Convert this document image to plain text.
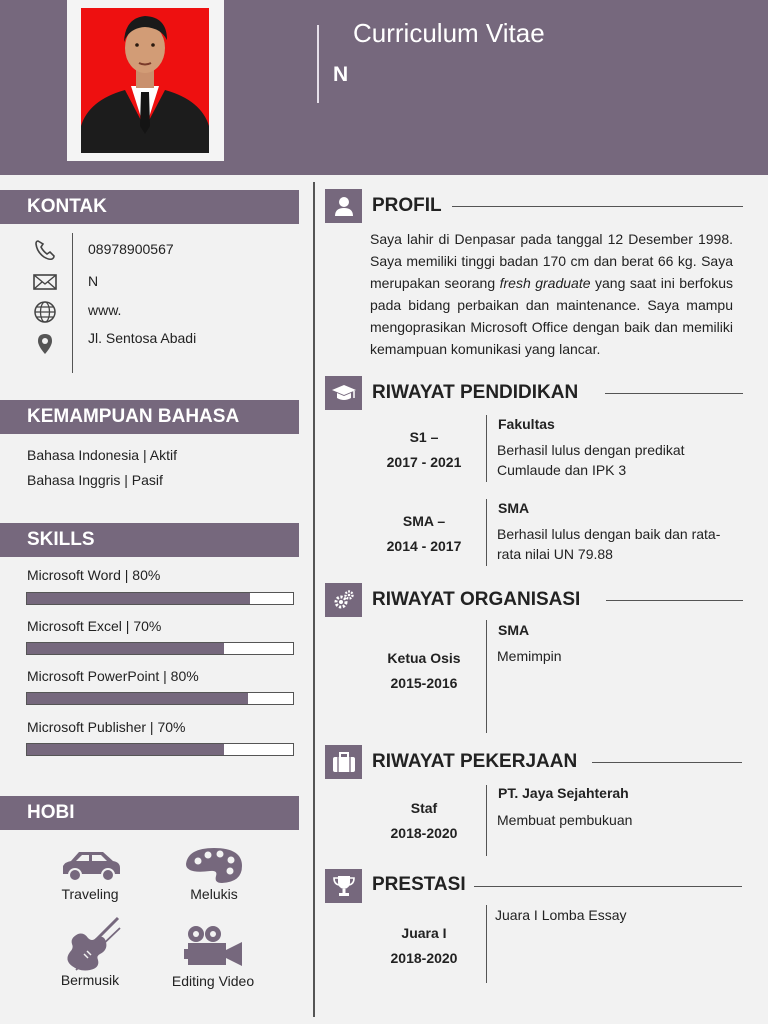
Curriculum Vitae
N
KONTAK
08978900567
N
www.
Jl. Sentosa Abadi
KEMAMPUAN BAHASA
Bahasa Indonesia | Aktif
Bahasa Inggris | Pasif
SKILLS
Microsoft Word | 80%
Microsoft Excel | 70%
Microsoft PowerPoint | 80%
Microsoft Publisher | 70%
HOBI
Traveling	Melukis
Bermusik	Editing Video
PROFIL
Saya lahir di Denpasar pada tanggal 12 Desember 1998. Saya memiliki tinggi badan 170 cm dan berat 66 kg. Saya merupakan seorang fresh graduate yang saat ini berfokus pada bidang perbaikan dan maintenance. Saya mampu mengoprasikan Microsoft Office dengan baik dan memiliki kemampuan komunikasi yang lancar.
RIWAYAT PENDIDIKAN
S1 –
2017 - 2021
Fakultas
Berhasil lulus dengan predikat Cumlaude dan IPK 3
SMA –
2014 - 2017
SMA
Berhasil lulus dengan baik dan rata-rata nilai UN 79.88
RIWAYAT ORGANISASI
Ketua Osis
2015-2016
SMA
Memimpin
RIWAYAT PEKERJAAN
Staf
2018-2020
PT. Jaya Sejahterah
Membuat pembukuan
PRESTASI
Juara I
2018-2020
Juara I Lomba Essay
